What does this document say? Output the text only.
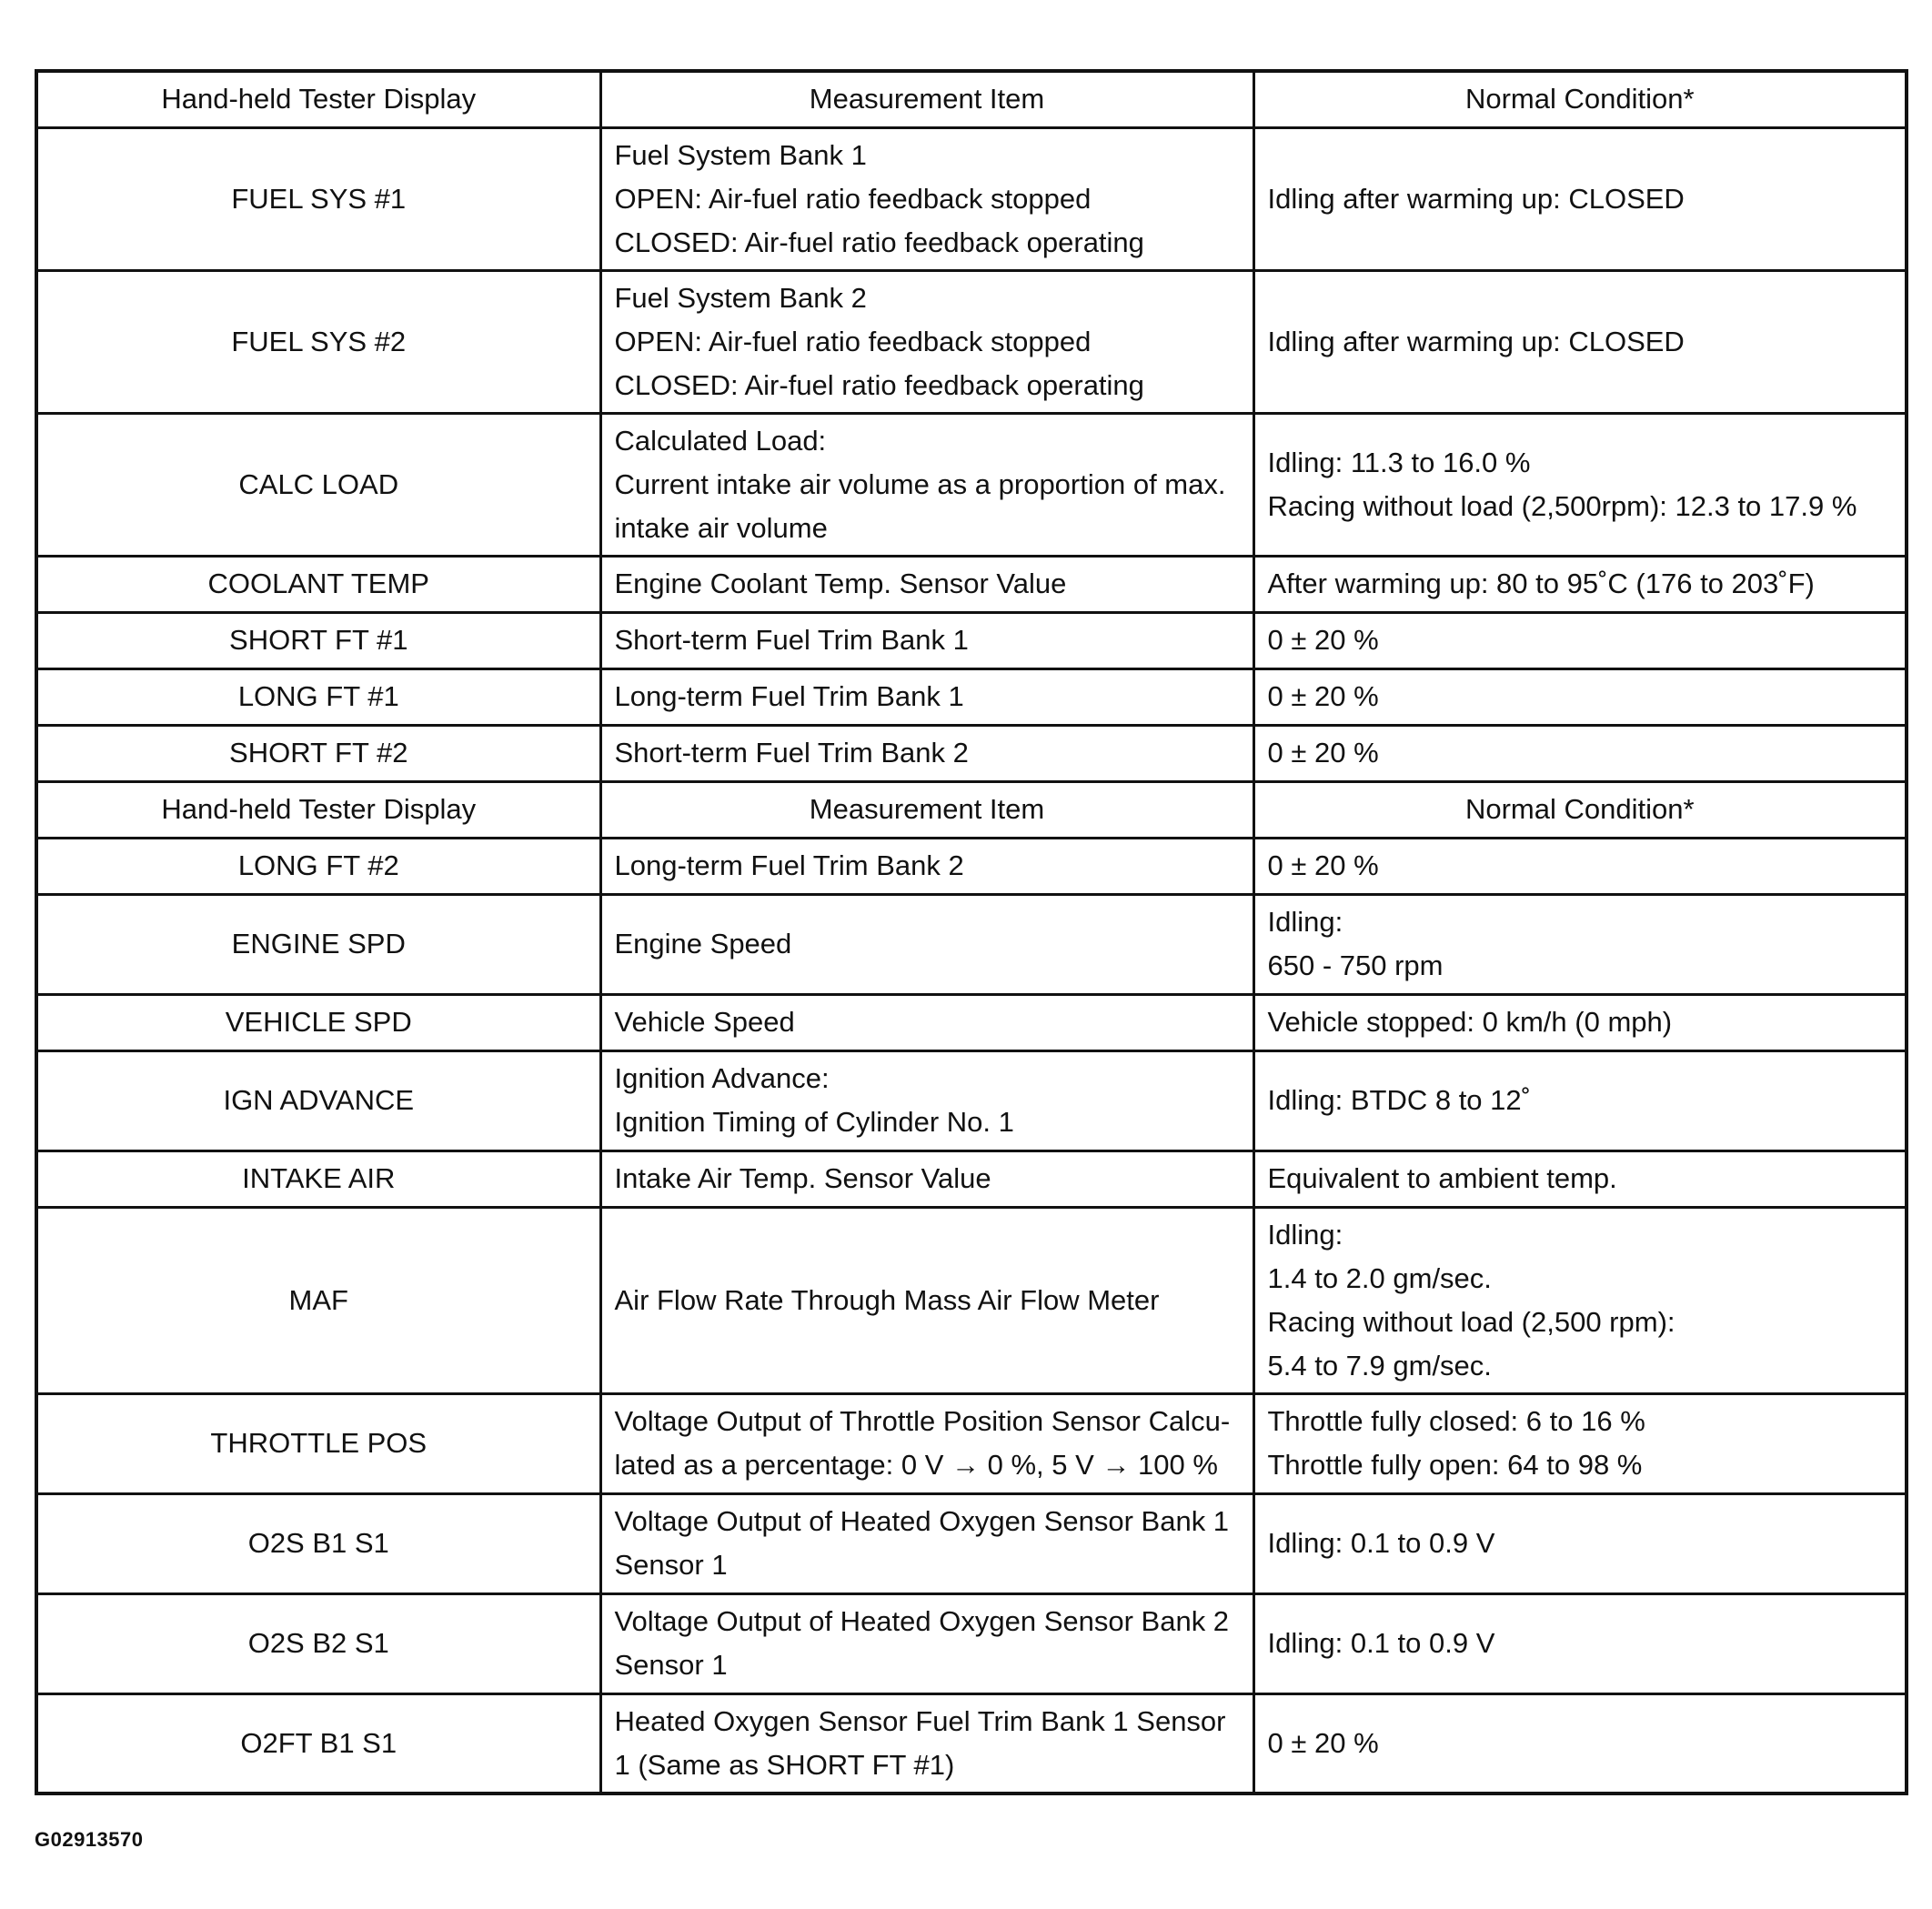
Hand-held Tester Display	Measurement Item	Normal Condition*
FUEL SYS #1	Fuel System Bank 1
OPEN: Air-fuel ratio feedback stopped
CLOSED: Air-fuel ratio feedback operating	Idling after warming up: CLOSED

FUEL SYS #2	Fuel System Bank 2
OPEN: Air-fuel ratio feedback stopped
CLOSED: Air-fuel ratio feedback operating	Idling after warming up: CLOSED

CALC LOAD	Calculated Load:
Current intake air volume as a proportion of max.
intake air volume	Idling: 11.3 to 16.0 %
Racing without load (2,500rpm): 12.3 to 17.9 %

COOLANT TEMP	Engine Coolant Temp. Sensor Value	After warming up: 80 to 95˚C (176 to 203˚F)

SHORT FT #1	Short-term Fuel Trim Bank 1	0 ± 20 %

LONG FT #1	Long-term Fuel Trim Bank 1	0 ± 20 %

SHORT FT #2	Short-term Fuel Trim Bank 2	0 ± 20 %

Hand-held Tester Display	Measurement Item	Normal Condition*
LONG FT #2	Long-term Fuel Trim Bank 2	0 ± 20 %

ENGINE SPD	Engine Speed	Idling:
650 - 750 rpm

VEHICLE SPD	Vehicle Speed	Vehicle stopped: 0 km/h (0 mph)

IGN ADVANCE	Ignition Advance:
Ignition Timing of Cylinder No. 1	Idling: BTDC 8 to 12˚

INTAKE AIR	Intake Air Temp. Sensor Value	Equivalent to ambient temp.

MAF	Air Flow Rate Through Mass Air Flow Meter	Idling:
1.4 to 2.0 gm/sec.
Racing without load (2,500 rpm):
5.4 to 7.9 gm/sec.

THROTTLE POS	Voltage Output of Throttle Position Sensor Calcu-
lated as a percentage: 0 V → 0 %, 5 V → 100 %	Throttle fully closed: 6 to 16 %
Throttle fully open: 64 to 98 %

O2S B1 S1	Voltage Output of Heated Oxygen Sensor Bank 1
Sensor 1	Idling: 0.1 to 0.9 V

O2S B2 S1	Voltage Output of Heated Oxygen Sensor Bank 2
Sensor 1	Idling: 0.1 to 0.9 V

O2FT B1 S1	Heated Oxygen Sensor Fuel Trim Bank 1 Sensor
1 (Same as SHORT FT #1)	0 ± 20 %
G02913570
